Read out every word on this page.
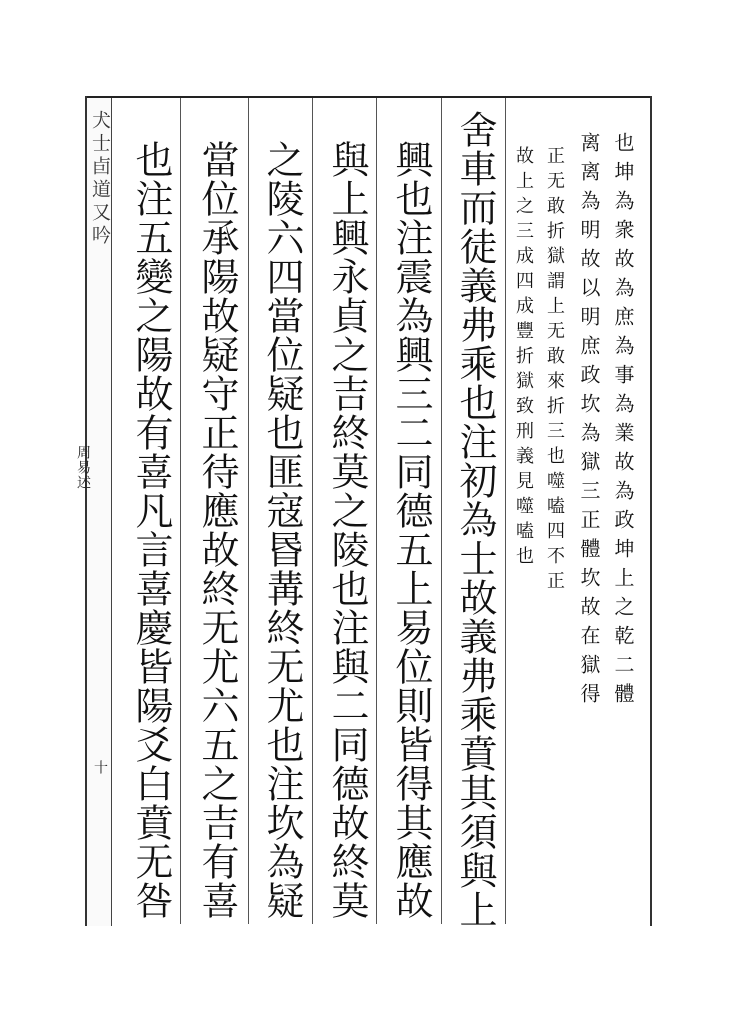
犬士卣道又吟
周易述
十
也坤為衆故為庶為事為業故為政坤上之乾二體
离离為明故以明庶政坎為獄三正體坎故在獄得
正无敢折獄謂上无敢來折三也噬嗑四不正
故上之三成四成豐折獄致刑義見噬嗑也
舍車而徒義弗乘也注初為士故義弗乘賁其須與上
興也注震為興三二同德五上易位則皆得其應故
與上興永貞之吉終莫之陵也注與二同德故終莫
之陵六四當位疑也匪寇昬冓終无尤也注坎為疑
當位承陽故疑守正待應故終无尤六五之吉有喜
也注五變之陽故有喜凡言喜慶皆陽爻白賁无咎
